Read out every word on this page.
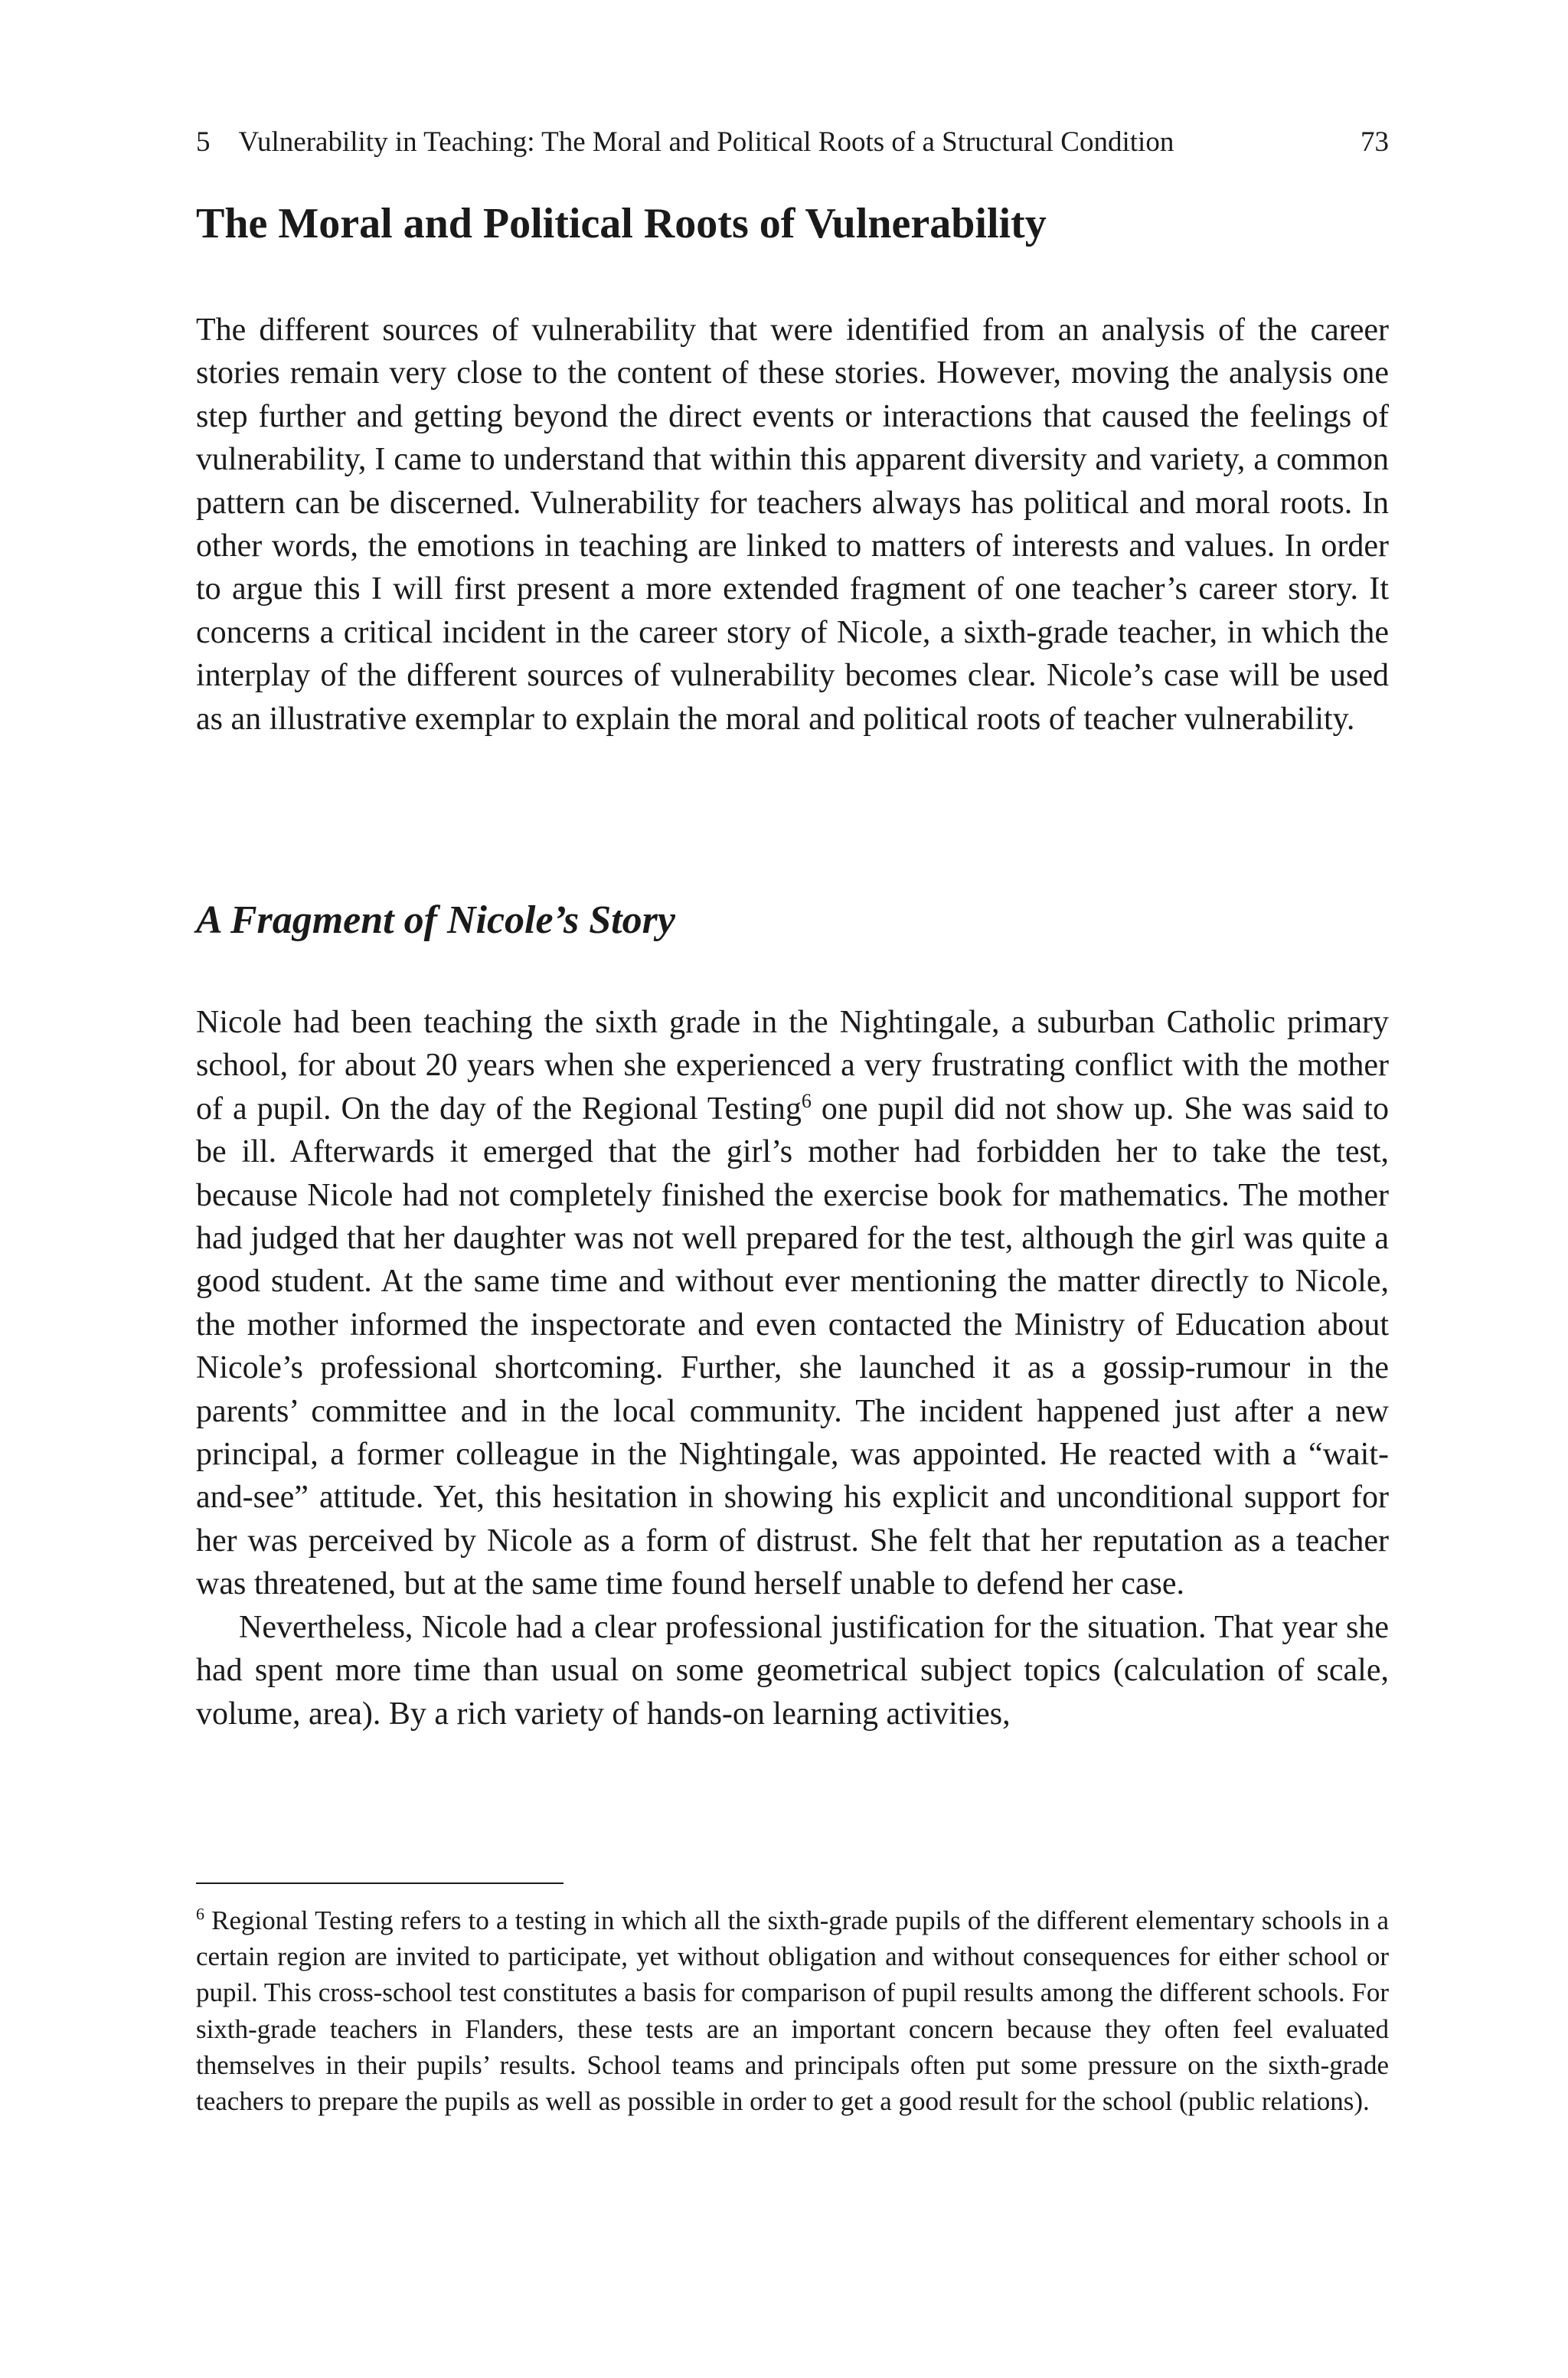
5 Vulnerability in Teaching: The Moral and Political Roots of a Structural Condition	73
The Moral and Political Roots of Vulnerability

The different sources of vulnerability that were identified from an analysis of the career stories remain very close to the content of these stories. However, moving the analysis one step further and getting beyond the direct events or interactions that caused the feelings of vulnerability, I came to understand that within this apparent diversity and variety, a common pattern can be discerned. Vulnerability for teachers always has political and moral roots. In other words, the emotions in teaching are linked to matters of interests and values. In order to argue this I will first present a more extended fragment of one teacher’s career story. It concerns a critical incident in the career story of Nicole, a sixth-grade teacher, in which the interplay of the different sources of vulnerability becomes clear. Nicole’s case will be used as an illustrative exemplar to explain the moral and political roots of teacher vulnerability.

A Fragment of Nicole’s Story

Nicole had been teaching the sixth grade in the Nightingale, a suburban Catholic primary school, for about 20 years when she experienced a very frustrating conflict with the mother of a pupil. On the day of the Regional Testing$^6$ one pupil did not show up. She was said to be ill. Afterwards it emerged that the girl’s mother had forbidden her to take the test, because Nicole had not completely finished the exercise book for mathematics. The mother had judged that her daughter was not well prepared for the test, although the girl was quite a good student. At the same time and without ever mentioning the matter directly to Nicole, the mother informed the inspectorate and even contacted the Ministry of Education about Nicole’s professional shortcoming. Further, she launched it as a gossip-rumour in the parents’ committee and in the local community. The incident happened just after a new principal, a former colleague in the Nightingale, was appointed. He reacted with a “wait-and-see” attitude. Yet, this hesitation in showing his explicit and unconditional support for her was perceived by Nicole as a form of distrust. She felt that her reputation as a teacher was threatened, but at the same time found herself unable to defend her case.

Nevertheless, Nicole had a clear professional justification for the situation. That year she had spent more time than usual on some geometrical subject topics (calculation of scale, volume, area). By a rich variety of hands-on learning activities,

$^6$ Regional Testing refers to a testing in which all the sixth-grade pupils of the different elementary schools in a certain region are invited to participate, yet without obligation and without consequences for either school or pupil. This cross-school test constitutes a basis for comparison of pupil results among the different schools. For sixth-grade teachers in Flanders, these tests are an important concern because they often feel evaluated themselves in their pupils’ results. School teams and principals often put some pressure on the sixth-grade teachers to prepare the pupils as well as possible in order to get a good result for the school (public relations).
